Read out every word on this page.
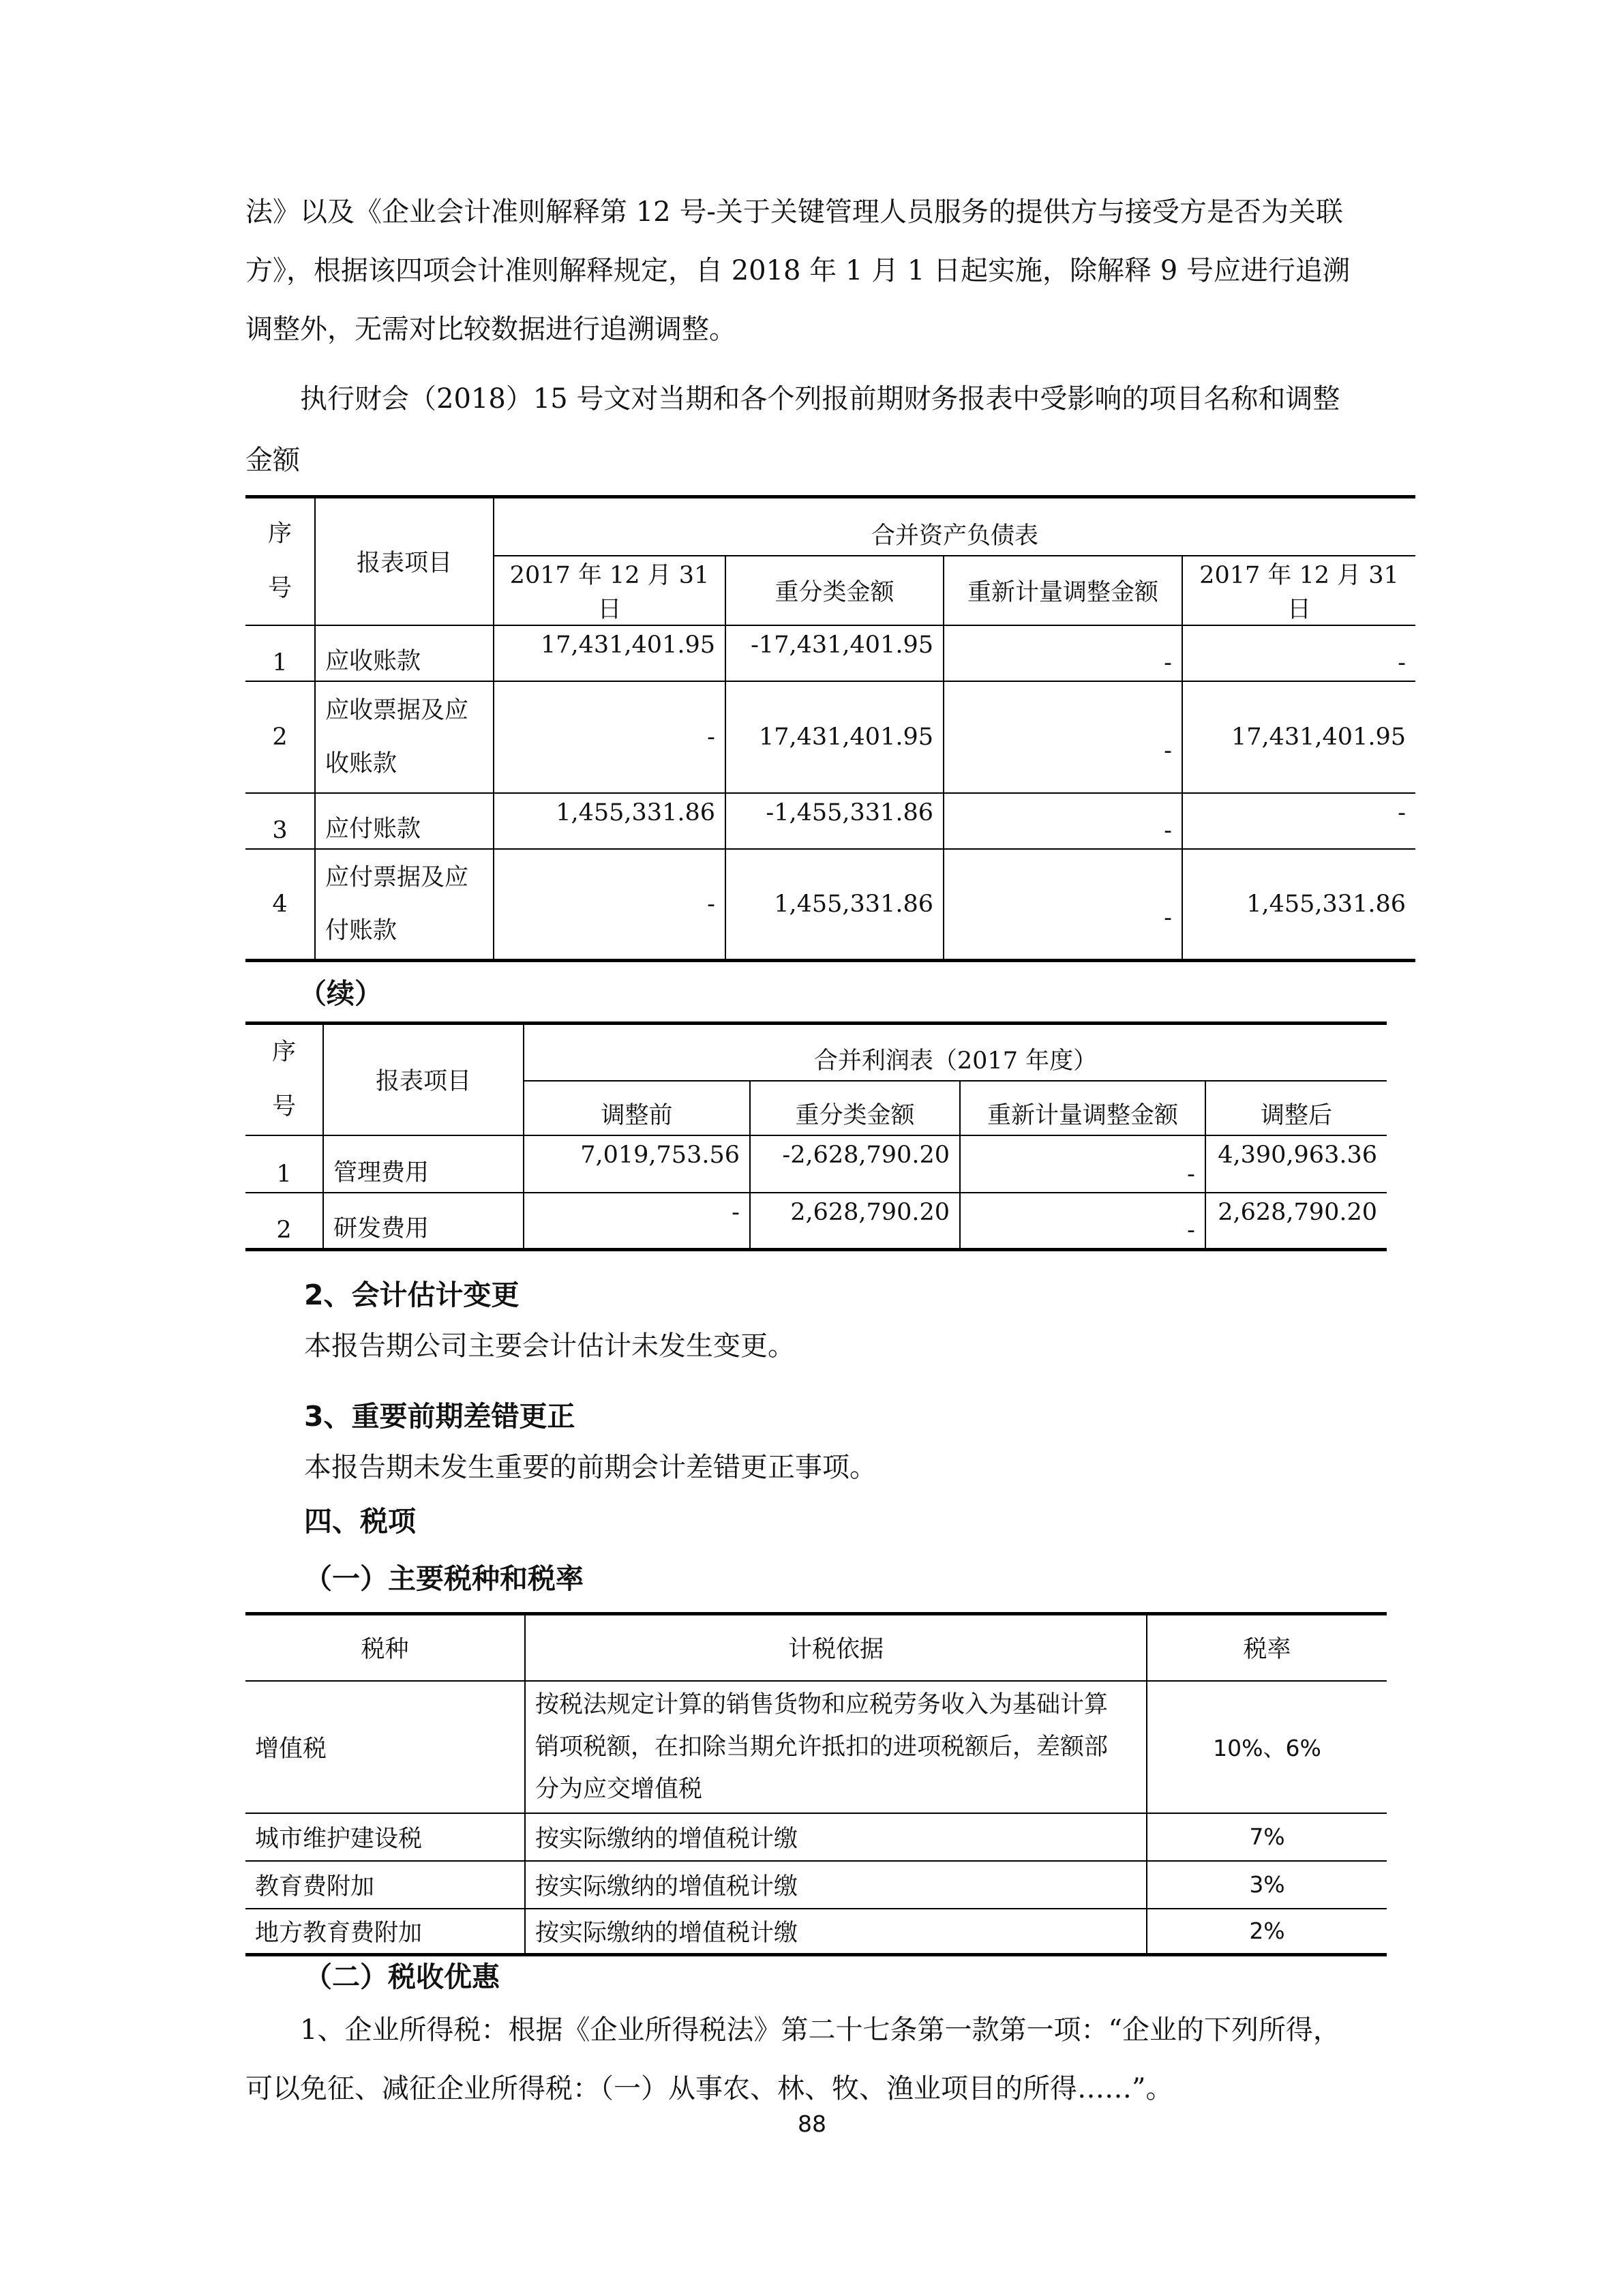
法》以及《企业会计准则解释第 12 号-关于关键管理人员服务的提供方与接受方是否为关联

方》，根据该四项会计准则解释规定，自 2018 年 1 月 1 日起实施，除解释 9 号应进行追溯

调整外，无需对比较数据进行追溯调整。

执行财会（2018）15 号文对当期和各个列报前期财务报表中受影响的项目名称和调整

金额

序
号	报表项目	合并资产负债表			
		2017 年 12 月 31 日	重分类金额	重新计量调整金额	2017 年 12 月 31 日
1	应收账款	17,431,401.95	-17,431,401.95	-	-
2	应收票据及应
收账款	-	17,431,401.95	-	17,431,401.95
3	应付账款	1,455,331.86	-1,455,331.86	-	-
4	应付票据及应
付账款	-	1,455,331.86	-	1,455,331.86

（续）

序
号	报表项目	合并利润表（2017 年度）			
		调整前	重分类金额	重新计量调整金额	调整后
1	管理费用	7,019,753.56	-2,628,790.20	-	4,390,963.36
2	研发费用	-	2,628,790.20	-	2,628,790.20

2、会计估计变更

本报告期公司主要会计估计未发生变更。

3、重要前期差错更正

本报告期未发生重要的前期会计差错更正事项。

四、税项

（一）主要税种和税率

税种	计税依据	税率
增值税	按税法规定计算的销售货物和应税劳务收入为基础计算
销项税额，在扣除当期允许抵扣的进项税额后，差额部
分为应交增值税	10%、6%
城市维护建设税	按实际缴纳的增值税计缴	7%
教育费附加	按实际缴纳的增值税计缴	3%
地方教育费附加	按实际缴纳的增值税计缴	2%

（二）税收优惠

1、企业所得税：根据《企业所得税法》第二十七条第一款第一项：“企业的下列所得，

可以免征、减征企业所得税：（一）从事农、林、牧、渔业项目的所得……”。

88
